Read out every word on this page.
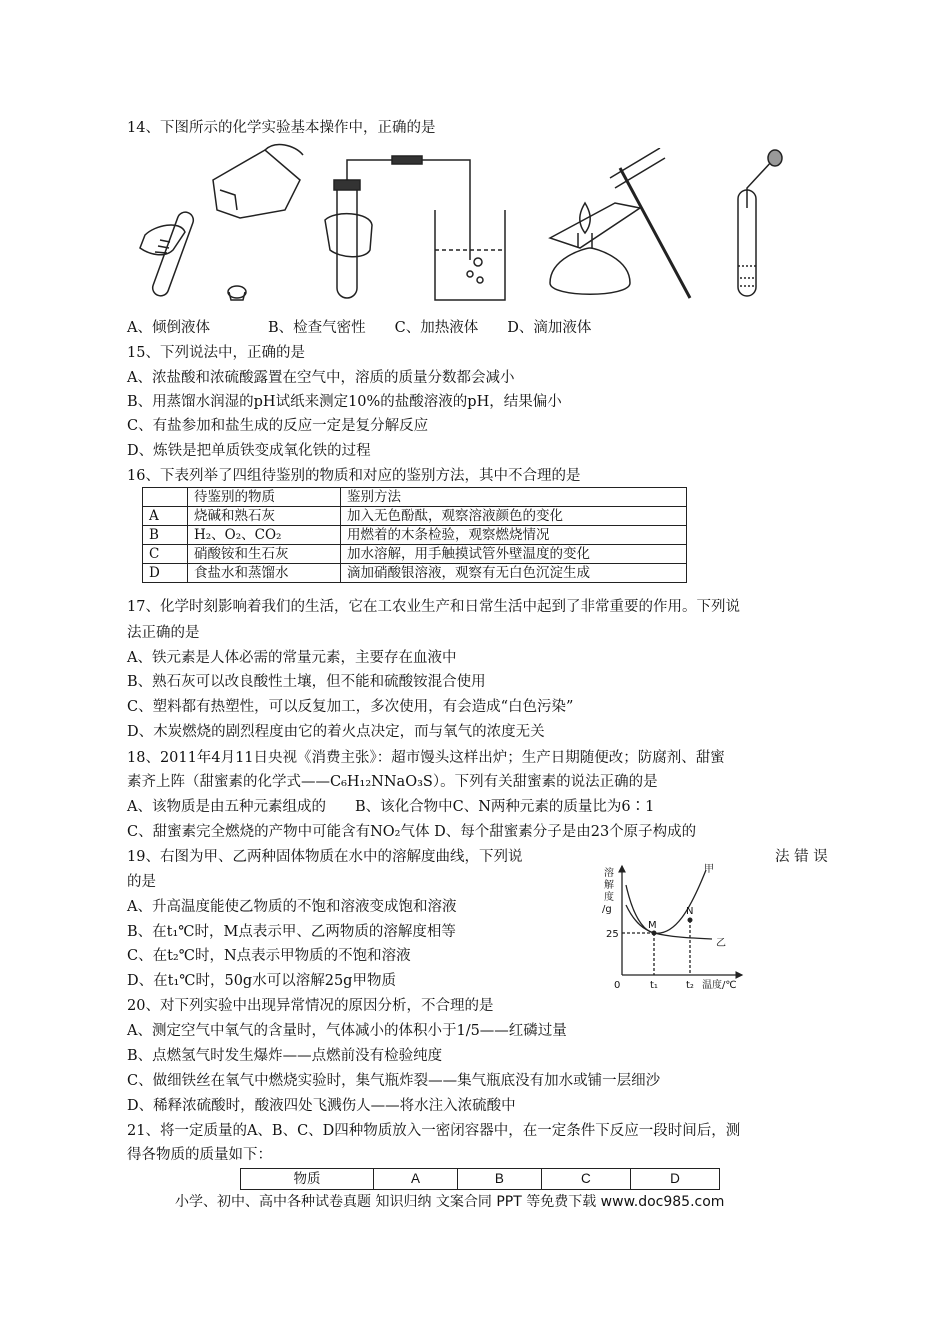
14、下图所示的化学实验基本操作中，正确的是
A、倾倒液体　　　　B、检查气密性　　C、加热液体　　D、滴加液体
15、下列说法中，正确的是
A、浓盐酸和浓硫酸露置在空气中，溶质的质量分数都会减小
B、用蒸馏水润湿的pH试纸来测定10%的盐酸溶液的pH，结果偏小
C、有盐参加和盐生成的反应一定是复分解反应
D、炼铁是把单质铁变成氧化铁的过程
16、下表列举了四组待鉴别的物质和对应的鉴别方法，其中不合理的是
	待鉴别的物质	鉴别方法
A	烧碱和熟石灰	加入无色酚酞，观察溶液颜色的变化
B	H₂、O₂、CO₂	用燃着的木条检验，观察燃烧情况
C	硝酸铵和生石灰	加水溶解，用手触摸试管外壁温度的变化
D	食盐水和蒸馏水	滴加硝酸银溶液，观察有无白色沉淀生成
17、化学时刻影响着我们的生活，它在工农业生产和日常生活中起到了非常重要的作用。下列说
法正确的是
A、铁元素是人体必需的常量元素，主要存在血液中
B、熟石灰可以改良酸性土壤，但不能和硫酸铵混合使用
C、塑料都有热塑性，可以反复加工，多次使用，有会造成“白色污染”
D、木炭燃烧的剧烈程度由它的着火点决定，而与氧气的浓度无关
18、2011年4月11日央视《消费主张》：超市馒头这样出炉；生产日期随便改；防腐剂、甜蜜
素齐上阵（甜蜜素的化学式——C₆H₁₂NNaO₃S）。下列有关甜蜜素的说法正确的是
A、该物质是由五种元素组成的　　B、该化合物中C、N两种元素的质量比为6∶1
C、甜蜜素完全燃烧的产物中可能含有NO₂气体 D、每个甜蜜素分子是由23个原子构成的
19、右图为甲、乙两种固体物质在水中的溶解度曲线，下列说	法 错 误
的是
A、升高温度能使乙物质的不饱和溶液变成饱和溶液
B、在t₁℃时，M点表示甲、乙两物质的溶解度相等
C、在t₂℃时，N点表示甲物质的不饱和溶液
D、在t₁℃时，50g水可以溶解25g甲物质
溶
解
度
/g
25
0	t₁	t₂ 温度/℃
甲
乙
M
N
20、对下列实验中出现异常情况的原因分析，不合理的是
A、测定空气中氧气的含量时，气体减小的体积小于1/5——红磷过量
B、点燃氢气时发生爆炸——点燃前没有检验纯度
C、做细铁丝在氧气中燃烧实验时，集气瓶炸裂——集气瓶底没有加水或铺一层细沙
D、稀释浓硫酸时，酸液四处飞溅伤人——将水注入浓硫酸中
21、将一定质量的A、B、C、D四种物质放入一密闭容器中，在一定条件下反应一段时间后，测
得各物质的质量如下：
物质	A	B	C	D
小学、初中、高中各种试卷真题 知识归纳 文案合同 PPT 等免费下载 www.doc985.com
